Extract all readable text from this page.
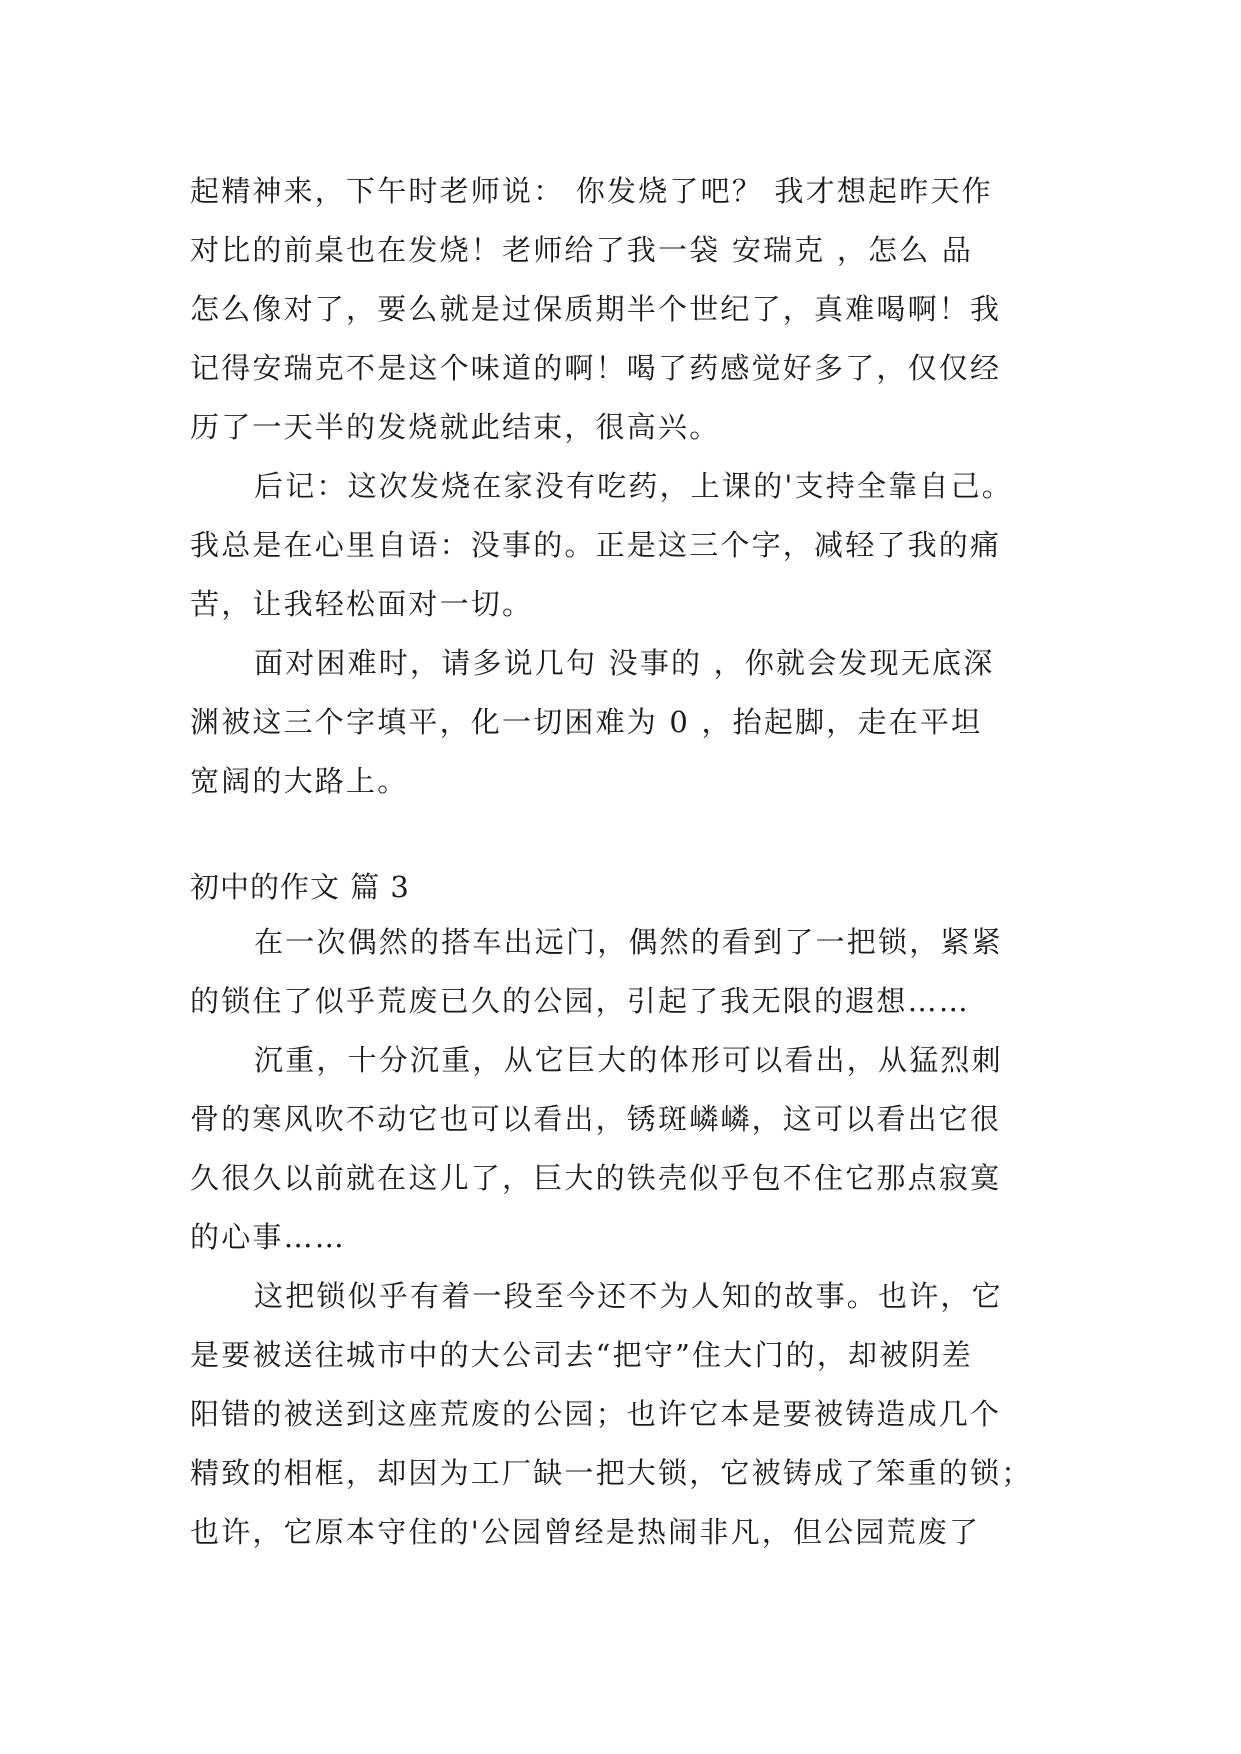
起精神来，下午时老师说： 你发烧了吧？ 我才想起昨天作
对比的前桌也在发烧！老师给了我一袋 安瑞克 ，怎么 品
怎么像对了，要么就是过保质期半个世纪了，真难喝啊！我
记得安瑞克不是这个味道的啊！喝了药感觉好多了，仅仅经
历了一天半的发烧就此结束，很高兴。
后记：这次发烧在家没有吃药，上课的'支持全靠自己。
我总是在心里自语：没事的。正是这三个字，减轻了我的痛
苦，让我轻松面对一切。
面对困难时，请多说几句 没事的 ，你就会发现无底深
渊被这三个字填平，化一切困难为 0 ，抬起脚，走在平坦
宽阔的大路上。
初中的作文 篇 3
在一次偶然的搭车出远门，偶然的看到了一把锁，紧紧
的锁住了似乎荒废已久的公园，引起了我无限的遐想……
沉重，十分沉重，从它巨大的体形可以看出，从猛烈刺
骨的寒风吹不动它也可以看出，锈斑嶙嶙，这可以看出它很
久很久以前就在这儿了，巨大的铁壳似乎包不住它那点寂寞
的心事……
这把锁似乎有着一段至今还不为人知的故事。也许，它
是要被送往城市中的大公司去“把守”住大门的，却被阴差
阳错的被送到这座荒废的公园；也许它本是要被铸造成几个
精致的相框，却因为工厂缺一把大锁，它被铸成了笨重的锁；
也许，它原本守住的'公园曾经是热闹非凡，但公园荒废了
